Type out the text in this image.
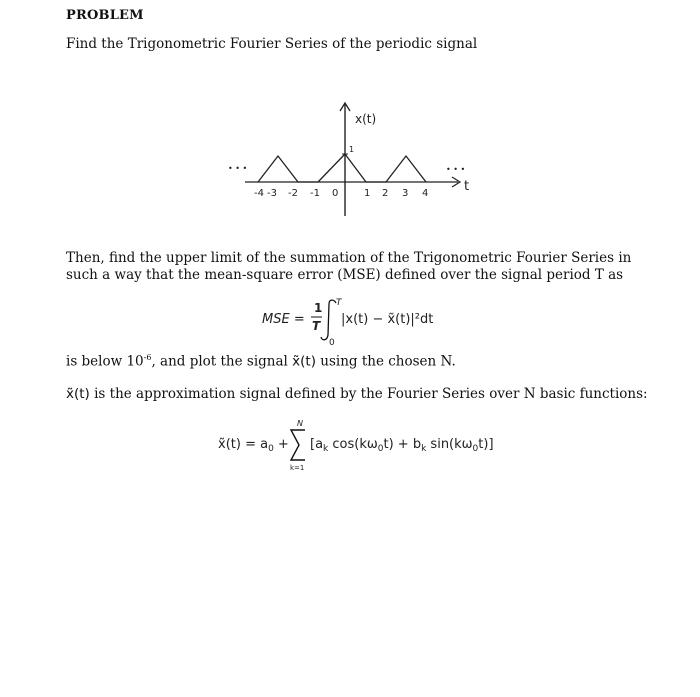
PROBLEM
Find the Trigonometric Fourier Series of the periodic signal
x(t)
t
1
• • •	• • •
-4 -3 -2 -1 0	1 2 3 4
Then, find the upper limit of the summation of the Trigonometric Fourier Series in such a way that the mean-square error (MSE) defined over the signal period T as
MSE =
1
T
T
0
|x(t) − x̃(t)|²dt
is below $10^{-6}$, and plot the signal x̃(t) using the chosen N.
x̃(t) is the approximation signal defined by the Fourier Series over N basic functions:
x̃(t) = $a_0$ +
N
k=1
[$a_k$ $\cos(k\omega_0t) + b_k$ $\sin(k\omega_0t)$]
